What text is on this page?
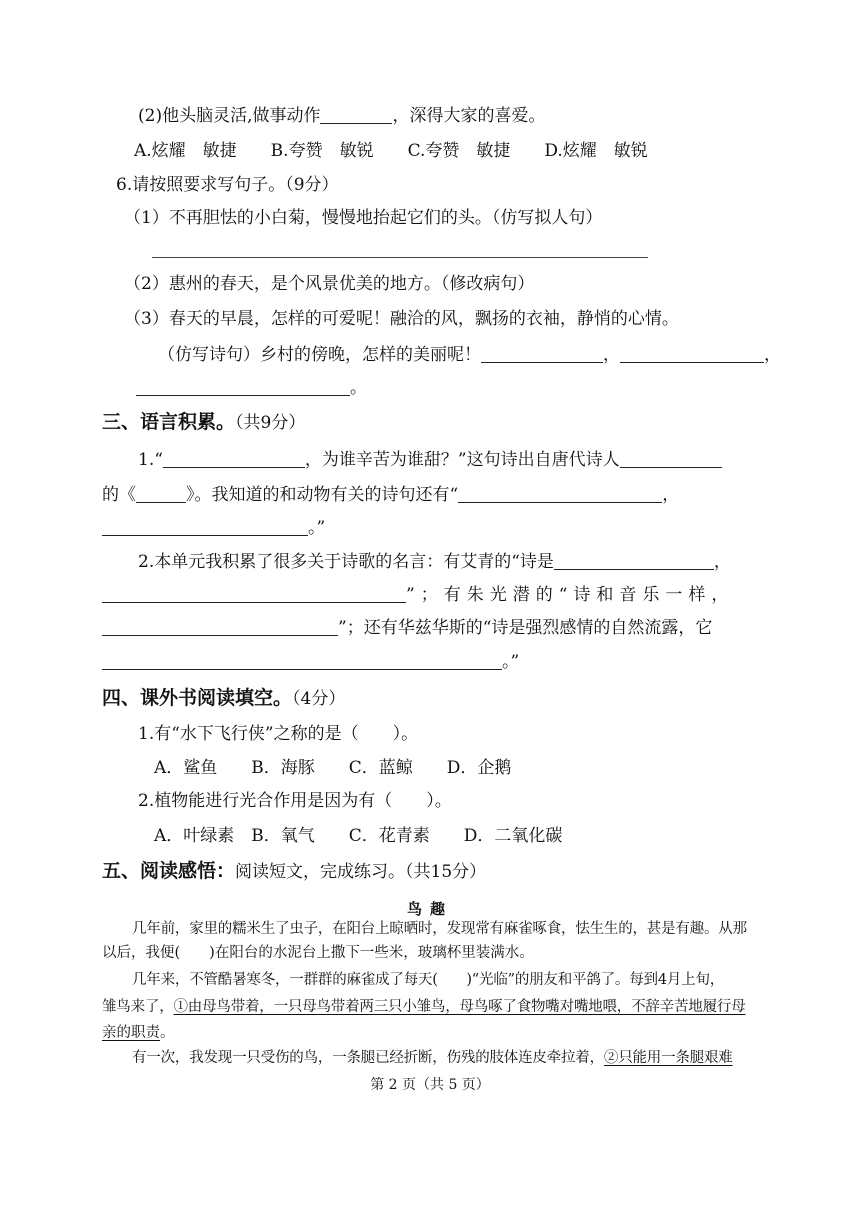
(2)他头脑灵活,做事动作	，深得大家的喜爱。
A.炫耀　敏捷　　B.夸赞　敏锐　　C.夸赞　敏捷　　D.炫耀　敏锐
6.请按照要求写句子。（9分）
（1）不再胆怯的小白菊，慢慢地抬起它们的头。（仿写拟人句）
（2）惠州的春天，是个风景优美的地方。（修改病句）
（3）春天的早晨，怎样的可爱呢！融洽的风，飘扬的衣袖，静悄的心情。
（仿写诗句）乡村的傍晚，怎样的美丽呢！	，	，
。
三、语言积累。（共9分）
1.“	，为谁辛苦为谁甜？”这句诗出自唐代诗人
的《	》。我知道的和动物有关的诗句还有“	，
。”
2.本单元我积累了很多关于诗歌的名言：有艾青的“诗是	，
”；有朱光潜的“诗和音乐一样，
”；还有华兹华斯的“诗是强烈感情的自然流露，它
。”
四、课外书阅读填空。（4分）
1.有“水下飞行侠”之称的是（　　）。
A．鲨鱼　　B．海豚　　C．蓝鲸　　D．企鹅
2.植物能进行光合作用是因为有（　　）。
A．叶绿素　B．氧气　　C．花青素　　D．二氧化碳
五、阅读感悟：阅读短文，完成练习。（共15分）
鸟趣
几年前，家里的糯米生了虫子，在阳台上晾晒时，发现常有麻雀啄食，怯生生的，甚是有趣。从那
以后，我便(　　)在阳台的水泥台上撒下一些米，玻璃杯里装满水。
几年来，不管酷暑寒冬，一群群的麻雀成了每天(　　)“光临”的朋友和平鸽了。每到4月上旬，
雏鸟来了，①由母鸟带着，一只母鸟带着两三只小雏鸟，母鸟啄了食物嘴对嘴地喂，不辞辛苦地履行母
亲的职责。
有一次，我发现一只受伤的鸟，一条腿已经折断，伤残的肢体连皮牵拉着，②只能用一条腿艰难
第 2 页（共 5 页）
